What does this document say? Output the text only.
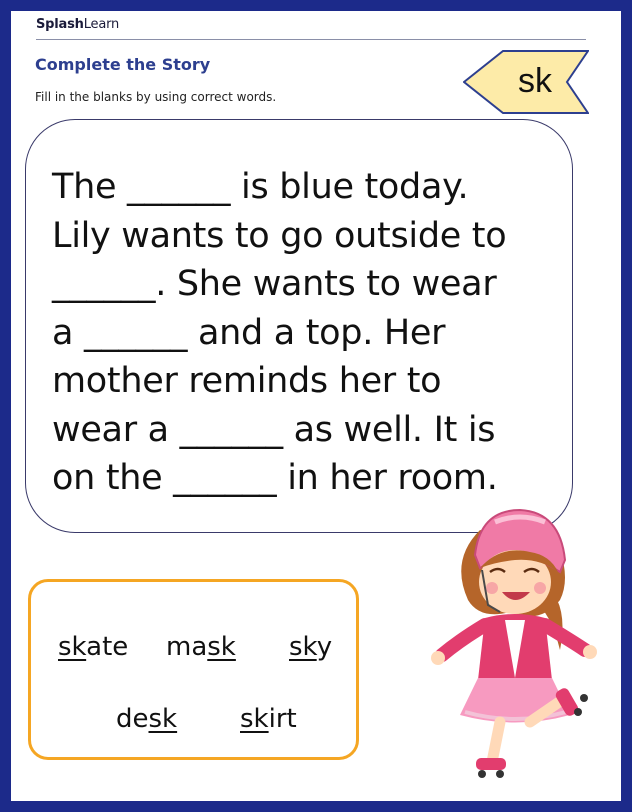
SplashLearn
Complete the Story
Fill in the blanks by using correct words.	sk
The ______ is blue today.
Lily wants to go outside to
______. She wants to wear
a ______ and a top. Her
mother reminds her to
wear a ______ as well. It is
on the ______ in her room.
skate mask sky
desk skirt
